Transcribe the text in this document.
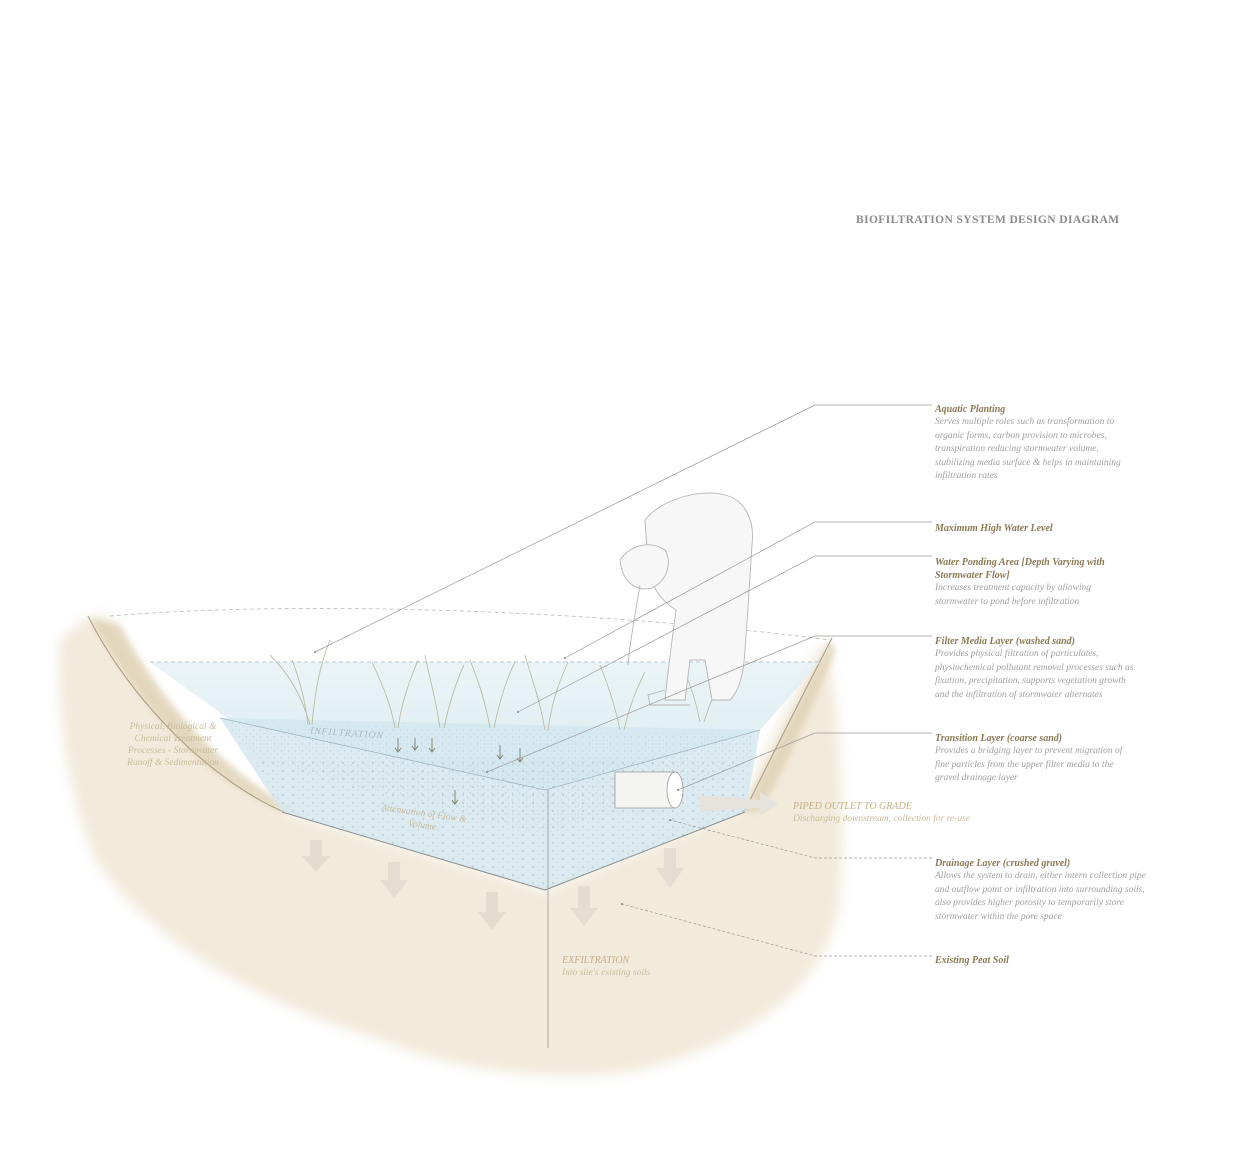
BIOFILTRATION SYSTEM DESIGN DIAGRAM
Aquatic Planting
Serves multiple roles such as transformation to organic forms, carbon provision to microbes, transpiration reducing stormwater volume, stabilizing media surface & helps in maintaining infiltration rates
Maximum High Water Level
Water Ponding Area [Depth Varying with Stormwater Flow]
Increases treatment capacity by allowing stormwater to pond before infiltration
Filter Media Layer (washed sand)
Provides physical filtration of particulates, physiochemical pollutant removal processes such as fixation, precipitation, supports vegetation growth and the infiltration of stormwater alternates
Transition Layer (coarse sand)
Provides a bridging layer to prevent migration of fine particles from the upper filter media to the gravel drainage layer
Drainage Layer (crushed gravel)
Allows the system to drain, either intern collection pipe and outflow point or infiltration into surrounding soils, also provides higher porosity to temporarily store stormwater within the pore space
Existing Peat Soil
Physical, Biological & Chemical Treatment Processes - Stormwater Runoff & Sedimentation
INFILTRATION
Attenuation of Flow & Volume
PIPED OUTLET TO GRADE
Discharging downstream, collection for re-use
EXFILTRATION
Into site's existing soils
